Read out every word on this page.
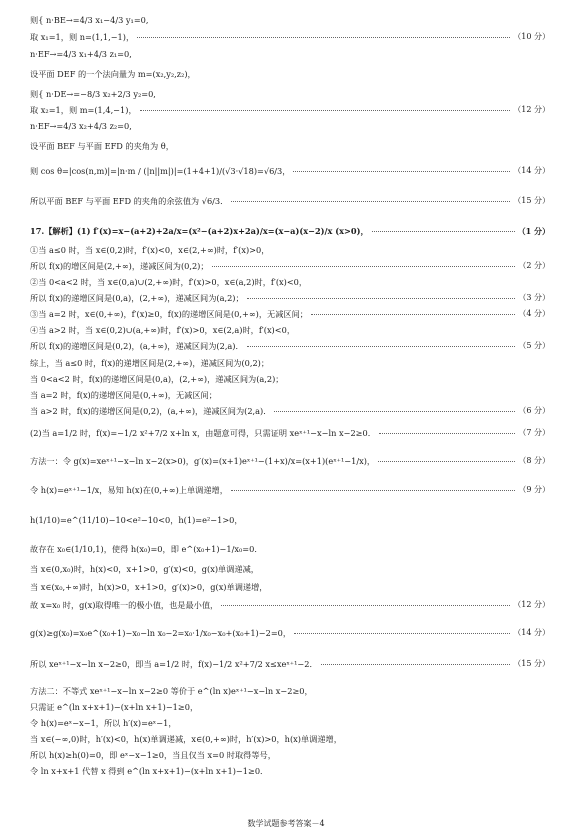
则{ n·BE→=4/3 x₁−4/3 y₁=0,
取 x₁=1，则 n=(1,1,−1)，	（10 分）
n·EF→=4/3 x₁+4/3 z₁=0,
设平面 DEF 的一个法向量为 m=(x₂,y₂,z₂)，
则{ n·DE→=−8/3 x₂+2/3 y₂=0,
取 x₂=1，则 m=(1,4,−1)，	（12 分）
n·EF→=4/3 x₂+4/3 z₂=0,
设平面 BEF 与平面 EFD 的夹角为 θ，
则 cos θ=|cos(n,m)|=|n·m / (|n||m|)|=(1+4+1)/(√3·√18)=√6/3，	（14 分）
所以平面 BEF 与平面 EFD 的夹角的余弦值为 √6/3．	（15 分）
17.【解析】(1) f′(x)=x−(a+2)+2a/x=(x²−(a+2)x+2a)/x=(x−a)(x−2)/x (x>0)，	（1 分）
①当 a≤0 时，当 x∈(0,2)时，f′(x)<0，x∈(2,+∞)时，f′(x)>0，
所以 f(x)的增区间是(2,+∞)，递减区间为(0,2)；	（2 分）
②当 0<a<2 时，当 x∈(0,a)∪(2,+∞)时，f′(x)>0，x∈(a,2)时，f′(x)<0，
所以 f(x)的递增区间是(0,a)，(2,+∞)，递减区间为(a,2)；	（3 分）
③当 a=2 时，x∈(0,+∞)，f′(x)≥0，f(x)的递增区间是(0,+∞)，无减区间；	（4 分）
④当 a>2 时，当 x∈(0,2)∪(a,+∞)时，f′(x)>0，x∈(2,a)时，f′(x)<0，
所以 f(x)的递增区间是(0,2)，(a,+∞)，递减区间为(2,a)．	（5 分）
综上，当 a≤0 时，f(x)的递增区间是(2,+∞)，递减区间为(0,2)；
当 0<a<2 时，f(x)的递增区间是(0,a)，(2,+∞)，递减区间为(a,2)；
当 a=2 时，f(x)的递增区间是(0,+∞)，无减区间；
当 a>2 时，f(x)的递增区间是(0,2)，(a,+∞)，递减区间为(2,a)．	（6 分）
(2)当 a=1/2 时，f(x)=−1/2 x²+7/2 x+ln x，由题意可得，只需证明 xeˣ⁺¹−x−ln x−2≥0．	（7 分）
方法一：令 g(x)=xeˣ⁺¹−x−ln x−2(x>0)，g′(x)=(x+1)eˣ⁺¹−(1+x)/x=(x+1)(eˣ⁺¹−1/x)，	（8 分）
令 h(x)=eˣ⁺¹−1/x，易知 h(x)在(0,+∞)上单调递增，	（9 分）
h(1/10)=e^(11/10)−10<e²−10<0，h(1)=e²−1>0，
故存在 x₀∈(1/10,1)，使得 h(x₀)=0，即 e^(x₀+1)−1/x₀=0．
当 x∈(0,x₀)时，h(x)<0，x+1>0，g′(x)<0，g(x)单调递减，
当 x∈(x₀,+∞)时，h(x)>0，x+1>0，g′(x)>0，g(x)单调递增，
故 x=x₀ 时，g(x)取得唯一的极小值，也是最小值，	（12 分）
g(x)≥g(x₀)=x₀e^(x₀+1)−x₀−ln x₀−2=x₀·1/x₀−x₀+(x₀+1)−2=0，	（14 分）
所以 xeˣ⁺¹−x−ln x−2≥0，即当 a=1/2 时，f(x)−1/2 x²+7/2 x≤xeˣ⁺¹−2．	（15 分）
方法二：不等式 xeˣ⁺¹−x−ln x−2≥0 等价于 e^(ln x)eˣ⁺¹−x−ln x−2≥0，
只需证 e^(ln x+x+1)−(x+ln x+1)−1≥0，
令 h(x)=eˣ−x−1，所以 h′(x)=eˣ−1，
当 x∈(−∞,0)时，h′(x)<0，h(x)单调递减，x∈(0,+∞)时，h′(x)>0，h(x)单调递增，
所以 h(x)≥h(0)=0，即 eˣ−x−1≥0，当且仅当 x=0 时取得等号，
令 ln x+x+1 代替 x 得到 e^(ln x+x+1)−(x+ln x+1)−1≥0．
数学试题参考答案－4
